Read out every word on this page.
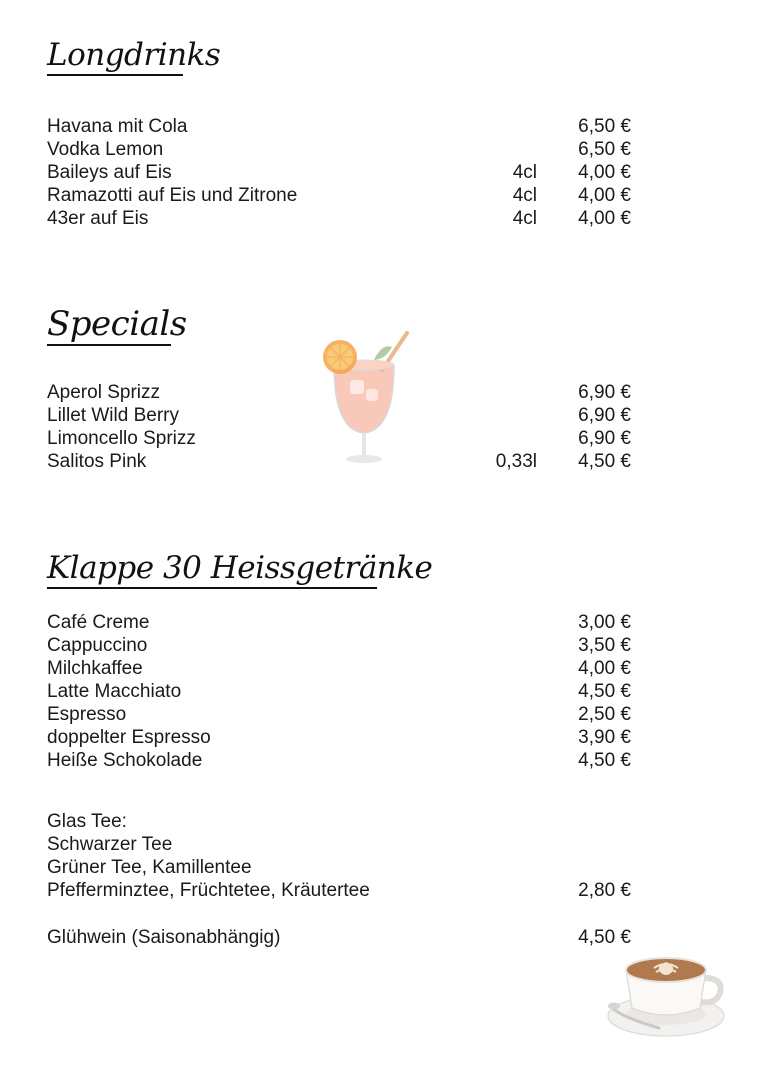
Longdrinks
Havana mit Cola	6,50 €
Vodka Lemon	6,50 €
Baileys auf Eis	4cl 4,00 €
Ramazotti auf Eis und Zitrone	4cl 4,00 €
43er auf Eis	4cl 4,00 €
Specials
Aperol Sprizz	6,90 €
Lillet Wild Berry	6,90 €
Limoncello Sprizz	6,90 €
Salitos Pink	0,33l 4,50 €
Klappe 30 Heissgetränke
Café Creme	3,00 €
Cappuccino	3,50 €
Milchkaffee	4,00 €
Latte Macchiato	4,50 €
Espresso	2,50 €
doppelter Espresso	3,90 €
Heiße Schokolade	4,50 €
Glas Tee:
Schwarzer Tee
Grüner Tee, Kamillentee
Pfefferminztee, Früchtetee, Kräutertee	2,80 €
Glühwein (Saisonabhängig)	4,50 €
